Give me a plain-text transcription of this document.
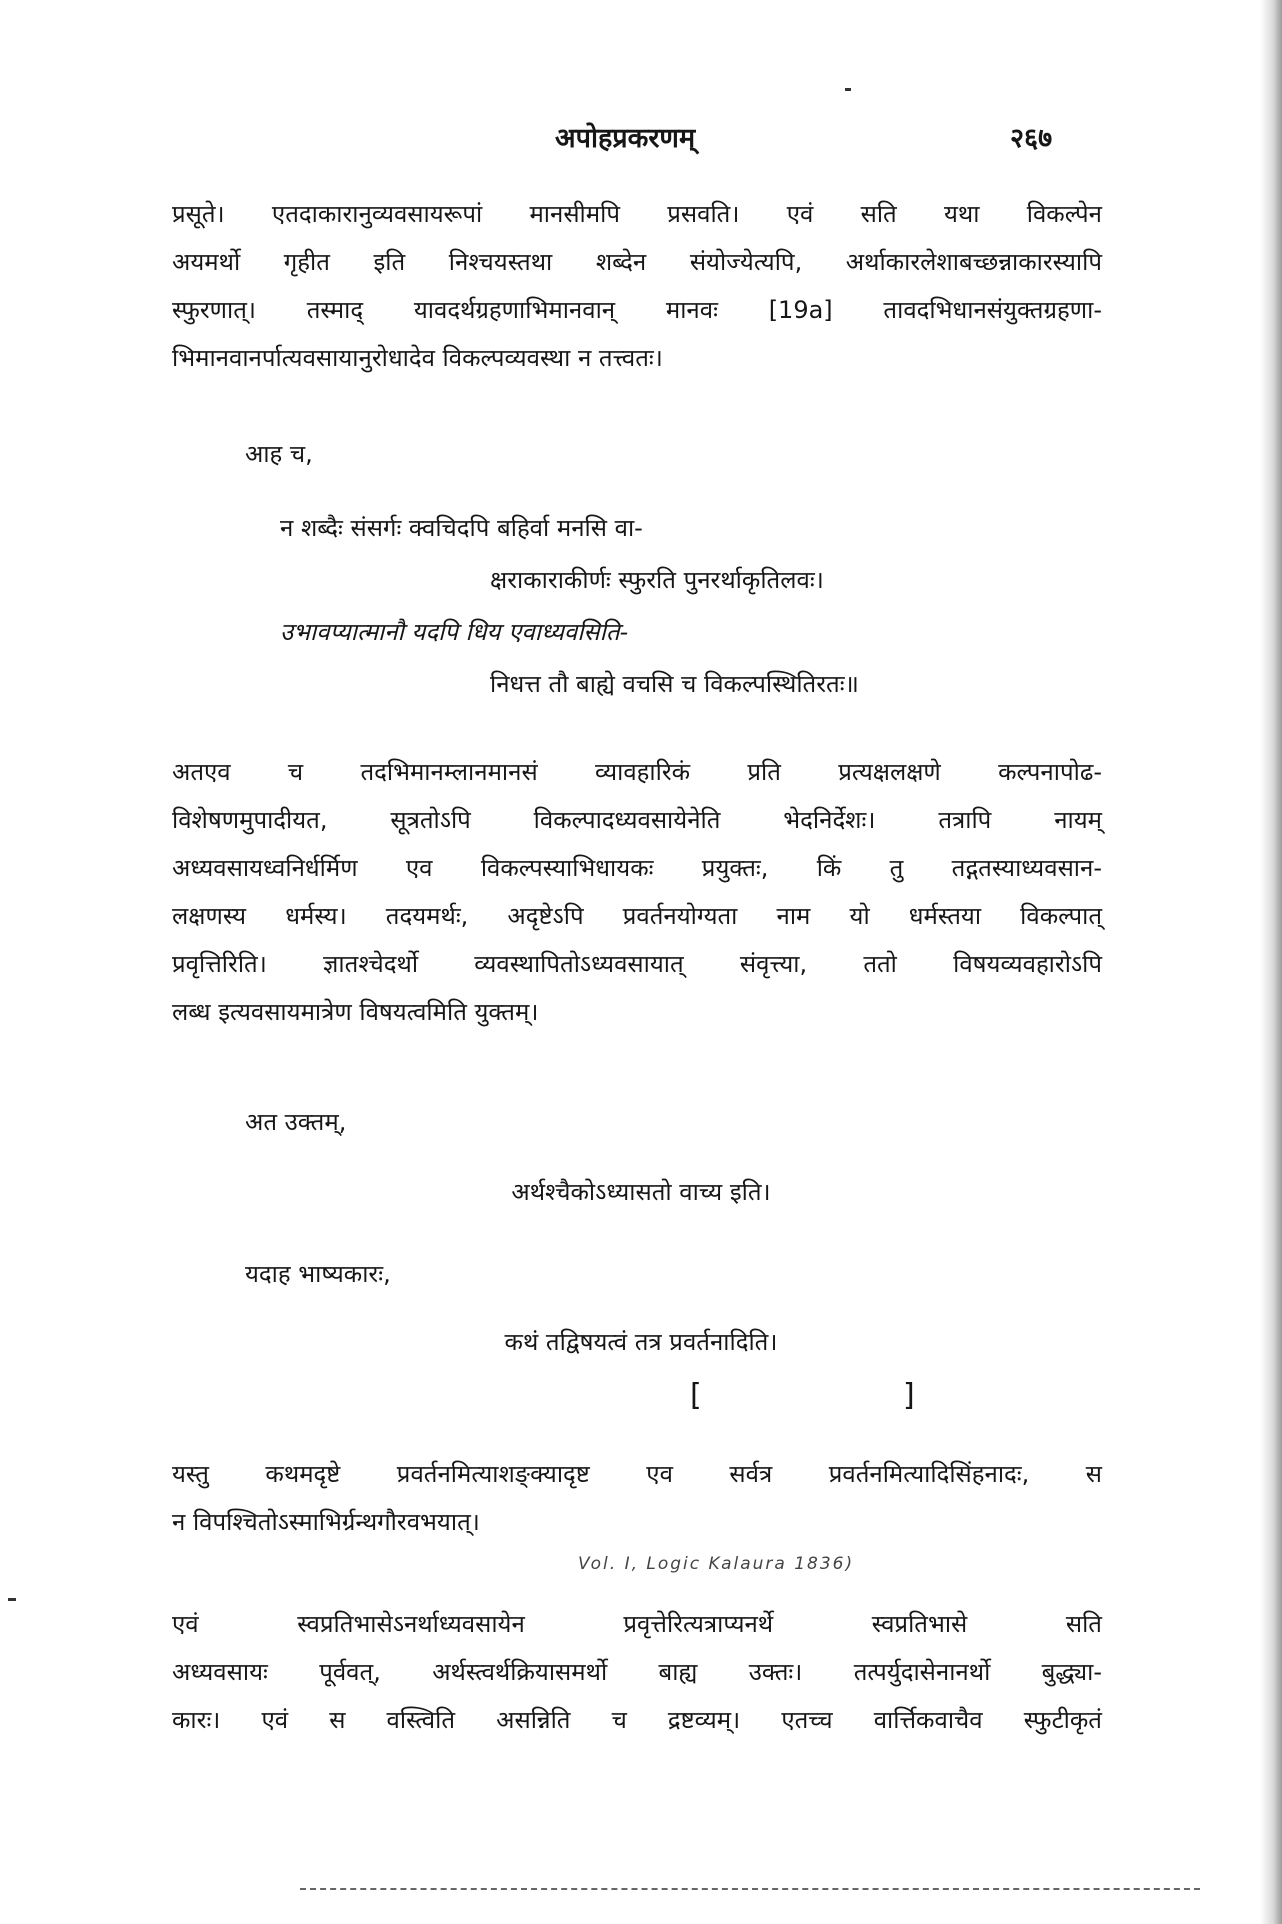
अपोहप्रकरणम्	२६७
प्रसूते। एतदाकारानुव्यवसायरूपां मानसीमपि प्रसवति। एवं सति यथा विकल्पेन
अयमर्थो गृहीत इति निश्चयस्तथा शब्देन संयोज्येत्यपि, अर्थाकारलेशाबच्छन्नाकारस्यापि
स्फुरणात्। तस्माद् यावदर्थग्रहणाभिमानवान् मानवः [19a] तावदभिधानसंयुक्तग्रहणा-
भिमानवानर्पात्यवसायानुरोधादेव विकल्पव्यवस्था न तत्त्वतः।
आह च,
न शब्दैः संसर्गः क्वचिदपि बहिर्वा मनसि वा-
क्षराकाराकीर्णः स्फुरति पुनरर्थाकृतिलवः।
उभावप्यात्मानौ यदपि धिय एवाध्यवसिति-
निधत्त तौ बाह्ये वचसि च विकल्पस्थितिरतः॥
अतएव च तदभिमानम्लानमानसं व्यावहारिकं प्रति प्रत्यक्षलक्षणे कल्पनापोढ-
विशेषणमुपादीयत, सूत्रतोऽपि विकल्पादध्यवसायेनेति भेदनिर्देशः। तत्रापि नायम्
अध्यवसायध्वनिर्धर्मिण एव विकल्पस्याभिधायकः प्रयुक्तः, किं तु तद्गतस्याध्यवसान-
लक्षणस्य धर्मस्य। तदयमर्थः, अदृष्टेऽपि प्रवर्तनयोग्यता नाम यो धर्मस्तया विकल्पात्
प्रवृत्तिरिति। ज्ञातश्चेदर्थो व्यवस्थापितोऽध्यवसायात् संवृत्त्या, ततो विषयव्यवहारोऽपि
लब्ध इत्यवसायमात्रेण विषयत्वमिति युक्तम्।
अत उक्तम्,
अर्थश्चैकोऽध्यासतो वाच्य इति।
यदाह भाष्यकारः,
कथं तद्विषयत्वं तत्र प्रवर्तनादिति।
[	]
यस्तु कथमदृष्टे प्रवर्तनमित्याशङ्क्यादृष्ट एव सर्वत्र प्रवर्तनमित्यादिसिंहनादः, स
न विपश्चितोऽस्माभिर्ग्रन्थगौरवभयात्।
Vol. I, Logic Kalaura 1836)
एवं स्वप्रतिभासेऽनर्थाध्यवसायेन प्रवृत्तेरित्यत्राप्यनर्थे स्वप्रतिभासे सति
अध्यवसायः पूर्ववत्, अर्थस्त्वर्थक्रियासमर्थो बाह्य उक्तः। तत्पर्युदासेनानर्थो बुद्ध्या-
कारः। एवं स वस्त्विति असन्निति च द्रष्टव्यम्। एतच्च वार्त्तिकवाचैव स्फुटीकृतं
